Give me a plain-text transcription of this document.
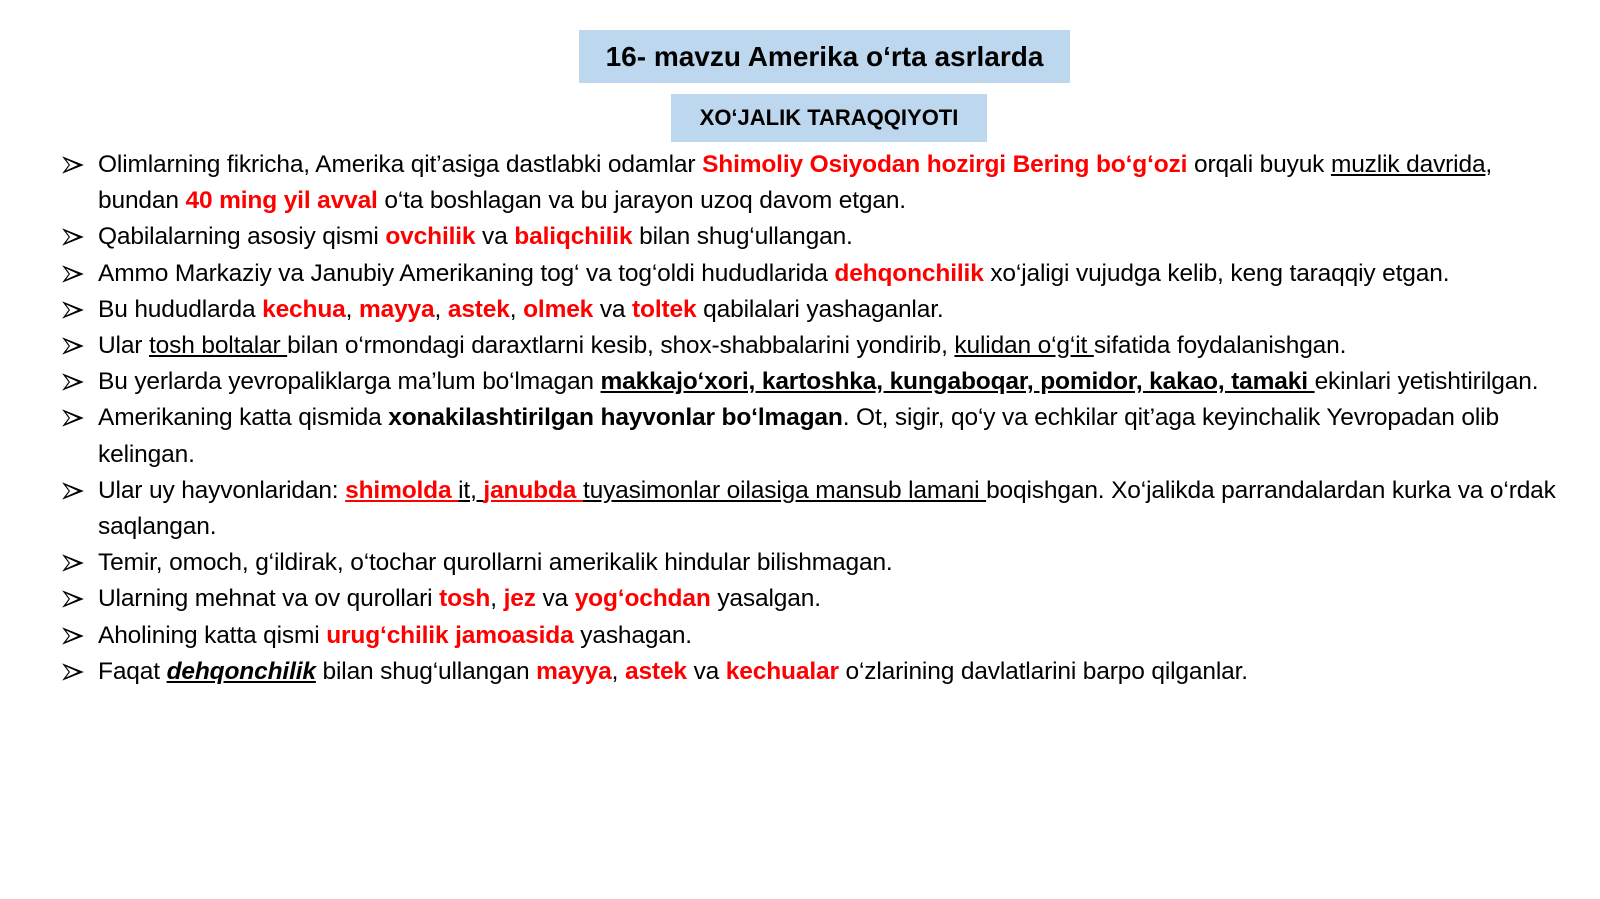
16- mavzu Amerika o‘rta asrlarda
XO‘JALIK TARAQQIYOTI
Olimlarning fikricha, Amerika qit’asiga dastlabki odamlar Shimoliy Osiyodan hozirgi Bering bo‘g‘ozi orqali buyuk muzlik davrida, bundan 40 ming yil avval o‘ta boshlagan va bu jarayon uzoq davom etgan.
Qabilalarning asosiy qismi ovchilik va baliqchilik bilan shug‘ullangan.
Ammo Markaziy va Janubiy Amerikaning tog‘ va tog‘oldi hududlarida dehqonchilik xo‘jaligi vujudga kelib, keng taraqqiy etgan.
Bu hududlarda kechua, mayya, astek, olmek va toltek qabilalari yashaganlar.
Ular tosh boltalar bilan o‘rmondagi daraxtlarni kesib, shox-shabbalarini yondirib, kulidan o‘g‘it sifatida foydalanishgan.
Bu yerlarda yevropaliklarga ma’lum bo‘lmagan makkajo‘xori, kartoshka, kungaboqar, pomidor, kakao, tamaki ekinlari yetishtirilgan.
Amerikaning katta qismida xonakilashtirilgan hayvonlar bo‘lmagan. Ot, sigir, qo‘y va echkilar qit’aga keyinchalik Yevropadan olib kelingan.
Ular uy hayvonlaridan: shimolda it, janubda tuyasimonlar oilasiga mansub lamani boqishgan. Xo‘jalikda parrandalardan kurka va o‘rdak saqlangan.
Temir, omoch, g‘ildirak, o‘tochar qurollarni amerikalik hindular bilishmagan.
Ularning mehnat va ov qurollari tosh, jez va yog‘ochdan yasalgan.
Aholining katta qismi urug‘chilik jamoasida yashagan.
Faqat dehqonchilik bilan shug‘ullangan mayya, astek va kechualar o‘zlarining davlatlarini barpo qilganlar.
